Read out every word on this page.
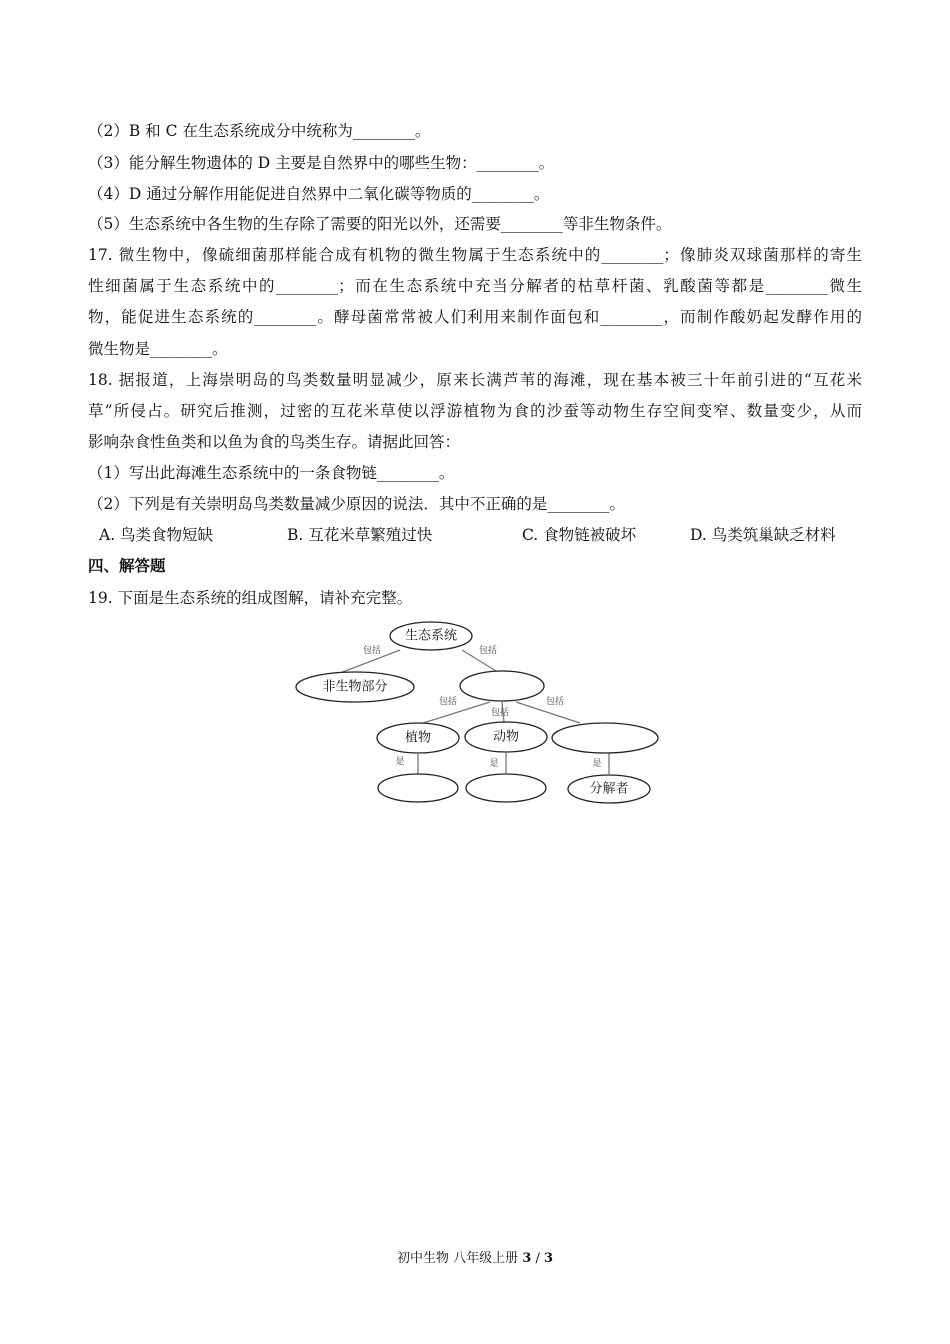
（2）B 和 C 在生态系统成分中统称为________。
（3）能分解生物遗体的 D 主要是自然界中的哪些生物：________。
（4）D 通过分解作用能促进自然界中二氧化碳等物质的________。
（5）生态系统中各生物的生存除了需要的阳光以外，还需要________等非生物条件。
17. 微生物中，像硫细菌那样能合成有机物的微生物属于生态系统中的________；像肺炎双球菌那样的寄生
性细菌属于生态系统中的________；而在生态系统中充当分解者的枯草杆菌、乳酸菌等都是________微生
物，能促进生态系统的________。酵母菌常常被人们利用来制作面包和________，而制作酸奶起发酵作用的
微生物是________。
18. 据报道，上海崇明岛的鸟类数量明显减少，原来长满芦苇的海滩，现在基本被三十年前引进的“互花米
草”所侵占。研究后推测，过密的互花米草使以浮游植物为食的沙蚕等动物生存空间变窄、数量变少，从而
影响杂食性鱼类和以鱼为食的鸟类生存。请据此回答：
（1）写出此海滩生态系统中的一条食物链________。
（2）下列是有关崇明岛鸟类数量减少原因的说法．其中不正确的是________。
A. 鸟类食物短缺	B. 互花米草繁殖过快	C. 食物链被破坏	D. 鸟类筑巢缺乏材料
四、解答题
19. 下面是生态系统的组成图解，请补充完整。
生态系统
非生物部分
植物	动物
分解者
包括	包括
包括
包括
包括
是	是	是
初中生物 八年级上册 3 / 3
